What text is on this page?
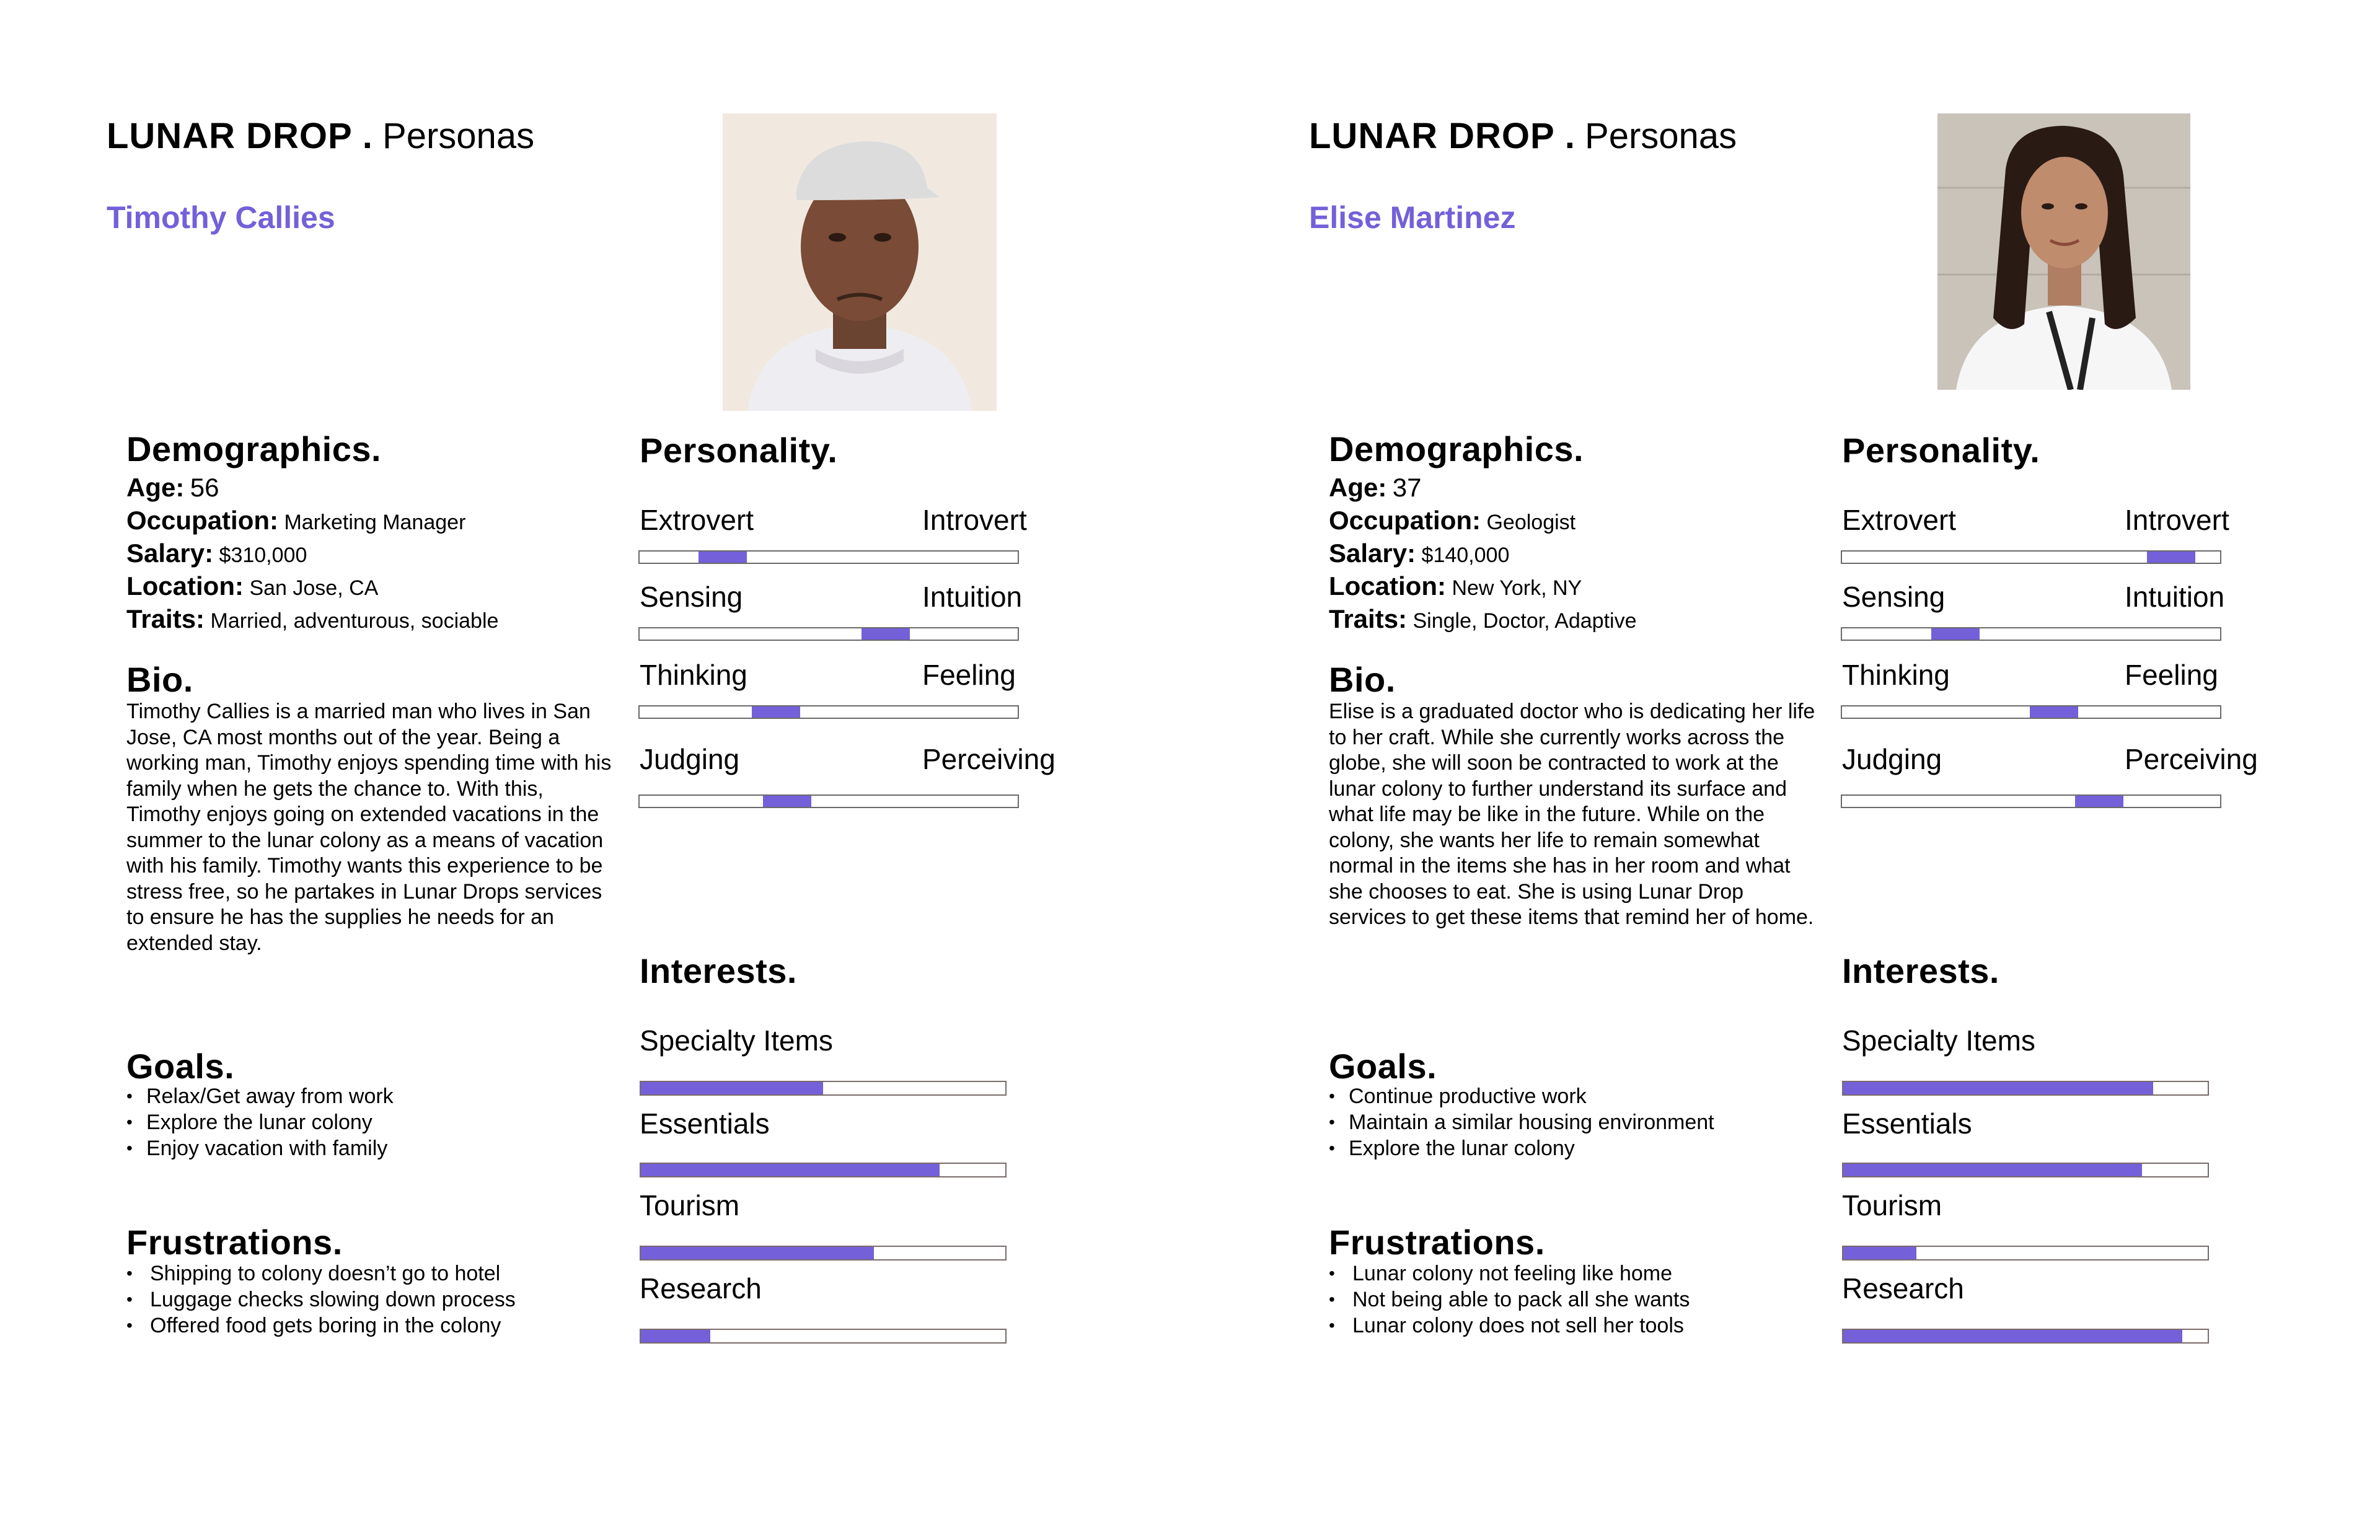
LUNAR DROP . Personas
Timothy Callies
Demographics.
Age: 56
Occupation: Marketing Manager
Salary: $310,000
Location: San Jose, CA
Traits: Married, adventurous, sociable
Bio.
Timothy Callies is a married man who lives in San Jose, CA most months out of the year. Being a working man, Timothy enjoys spending time with his family when he gets the chance to. With this, Timothy enjoys going on extended vacations in the summer to the lunar colony as a means of vacation with his family. Timothy wants this experience to be stress free, so he partakes in Lunar Drops services to ensure he has the supplies he needs for an extended stay.
Goals.
• Relax/Get away from work
• Explore the lunar colony
• Enjoy vacation with family
Frustrations.
• Shipping to colony doesn’t go to hotel
• Luggage checks slowing down process
• Offered food gets boring in the colony
Personality.
Extrovert	Introvert
Sensing	Intuition
Thinking	Feeling
Judging	Perceiving
Interests.
Specialty Items
Essentials
Tourism
Research
LUNAR DROP . Personas
Elise Martinez
Demographics.
Age: 37
Occupation: Geologist
Salary: $140,000
Location: New York, NY
Traits: Single, Doctor, Adaptive
Bio.
Elise is a graduated doctor who is dedicating her life to her craft. While she currently works across the globe, she will soon be contracted to work at the lunar colony to further understand its surface and what life may be like in the future. While on the colony, she wants her life to remain somewhat normal in the items she has in her room and what she chooses to eat. She is using Lunar Drop services to get these items that remind her of home.
Goals.
• Continue productive work
• Maintain a similar housing environment
• Explore the lunar colony
Frustrations.
• Lunar colony not feeling like home
• Not being able to pack all she wants
• Lunar colony does not sell her tools
Personality.
Extrovert	Introvert
Sensing	Intuition
Thinking	Feeling
Judging	Perceiving
Interests.
Specialty Items
Essentials
Tourism
Research
